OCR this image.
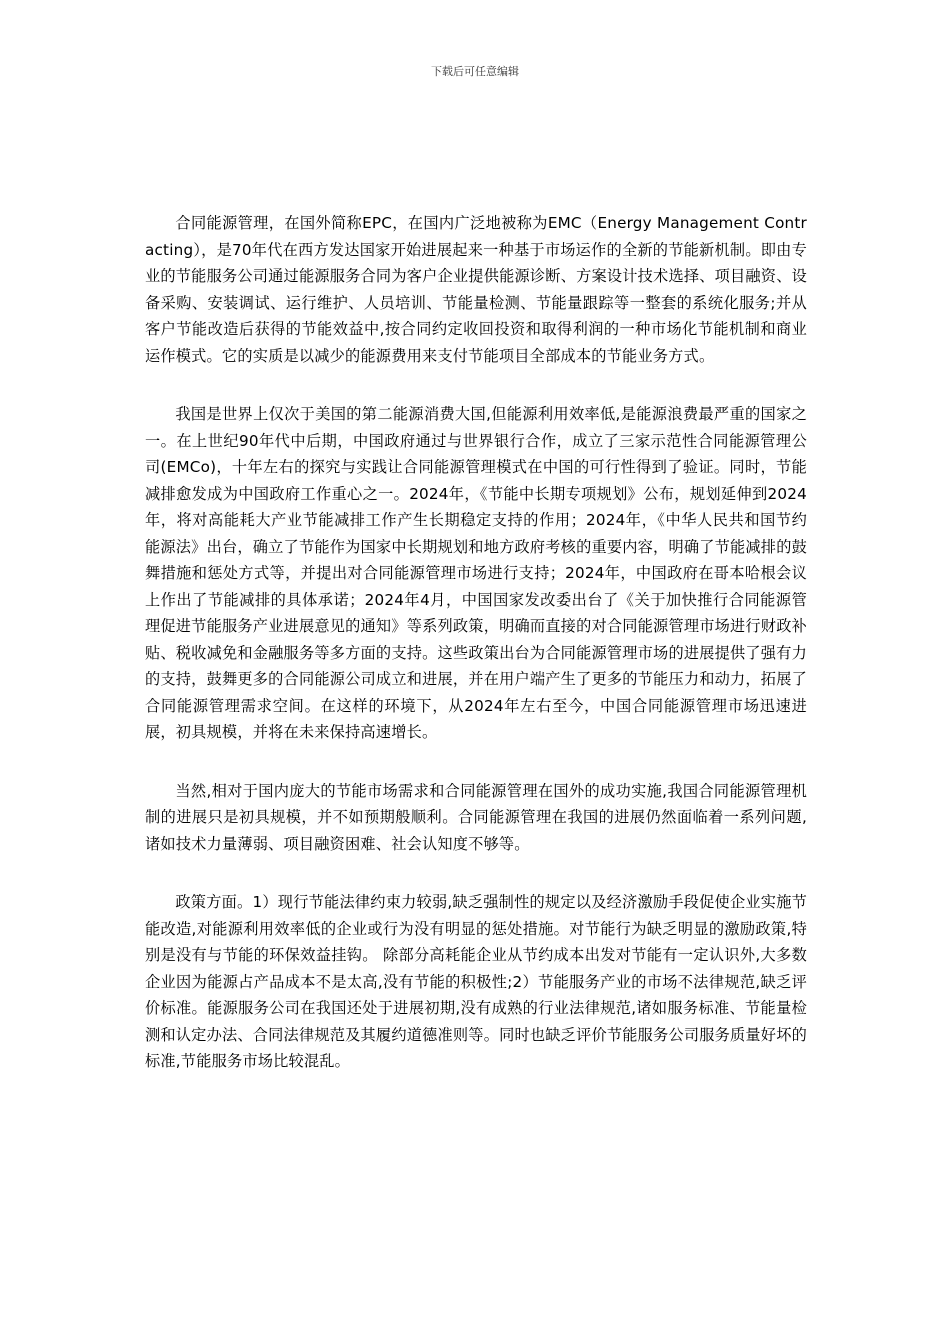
下载后可任意编辑

合同能源管理，在国外简称EPC，在国内广泛地被称为EMC（Energy Management Contracting），是70年代在西方发达国家开始进展起来一种基于市场运作的全新的节能新机制。即由专业的节能服务公司通过能源服务合同为客户企业提供能源诊断、方案设计技术选择、项目融资、设备采购、安装调试、运行维护、人员培训、节能量检测、节能量跟踪等一整套的系统化服务;并从客户节能改造后获得的节能效益中,按合同约定收回投资和取得利润的一种市场化节能机制和商业运作模式。它的实质是以减少的能源费用来支付节能项目全部成本的节能业务方式。

我国是世界上仅次于美国的第二能源消费大国,但能源利用效率低,是能源浪费最严重的国家之一。在上世纪90年代中后期，中国政府通过与世界银行合作，成立了三家示范性合同能源管理公司(EMCo)，十年左右的探究与实践让合同能源管理模式在中国的可行性得到了验证。同时，节能减排愈发成为中国政府工作重心之一。2024年，《节能中长期专项规划》公布，规划延伸到2024年，将对高能耗大产业节能减排工作产生长期稳定支持的作用；2024年，《中华人民共和国节约能源法》出台，确立了节能作为国家中长期规划和地方政府考核的重要内容，明确了节能减排的鼓舞措施和惩处方式等，并提出对合同能源管理市场进行支持；2024年，中国政府在哥本哈根会议上作出了节能减排的具体承诺；2024年4月，中国国家发改委出台了《关于加快推行合同能源管理促进节能服务产业进展意见的通知》等系列政策，明确而直接的对合同能源管理市场进行财政补贴、税收减免和金融服务等多方面的支持。这些政策出台为合同能源管理市场的进展提供了强有力的支持，鼓舞更多的合同能源公司成立和进展，并在用户端产生了更多的节能压力和动力，拓展了合同能源管理需求空间。在这样的环境下，从2024年左右至今，中国合同能源管理市场迅速进展，初具规模，并将在未来保持高速增长。

当然,相对于国内庞大的节能市场需求和合同能源管理在国外的成功实施,我国合同能源管理机制的进展只是初具规模，并不如预期般顺利。合同能源管理在我国的进展仍然面临着一系列问题,诸如技术力量薄弱、项目融资困难、社会认知度不够等。

政策方面。1）现行节能法律约束力较弱,缺乏强制性的规定以及经济激励手段促使企业实施节能改造,对能源利用效率低的企业或行为没有明显的惩处措施。对节能行为缺乏明显的激励政策,特别是没有与节能的环保效益挂钩。 除部分高耗能企业从节约成本出发对节能有一定认识外,大多数企业因为能源占产品成本不是太高,没有节能的积极性;2）节能服务产业的市场不法律规范,缺乏评价标准。能源服务公司在我国还处于进展初期,没有成熟的行业法律规范,诸如服务标准、节能量检测和认定办法、合同法律规范及其履约道德准则等。同时也缺乏评价节能服务公司服务质量好坏的标准,节能服务市场比较混乱。
